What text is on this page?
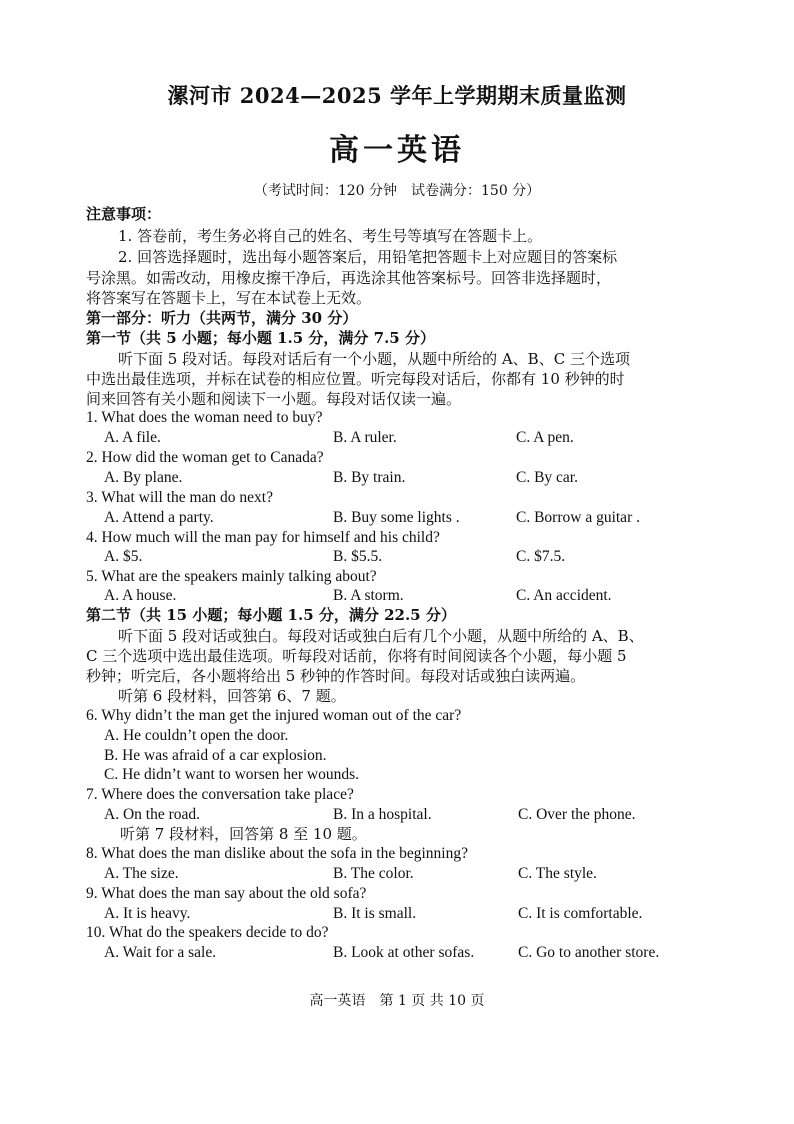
漯河市 2024—2025 学年上学期期末质量监测
高一英语
（考试时间：120 分钟　试卷满分：150 分）
注意事项：
1. 答卷前，考生务必将自己的姓名、考生号等填写在答题卡上。
2. 回答选择题时，选出每小题答案后，用铅笔把答题卡上对应题目的答案标
号涂黑。如需改动，用橡皮擦干净后，再选涂其他答案标号。回答非选择题时，
将答案写在答题卡上，写在本试卷上无效。
第一部分：听力（共两节，满分 30 分）
第一节（共 5 小题；每小题 1.5 分，满分 7.5 分）
听下面 5 段对话。每段对话后有一个小题，从题中所给的 A、B、C 三个选项
中选出最佳选项，并标在试卷的相应位置。听完每段对话后，你都有 10 秒钟的时
间来回答有关小题和阅读下一小题。每段对话仅读一遍。
1. What does the woman need to buy?
A. A file.	B. A ruler.	C. A pen.
2. How did the woman get to Canada?
A. By plane.	B. By train.	C. By car.
3. What will the man do next?
A. Attend a party.	B. Buy some lights .	C. Borrow a guitar .
4. How much will the man pay for himself and his child?
A. $5.	B. $5.5.	C. $7.5.
5. What are the speakers mainly talking about?
A. A house.	B. A storm.	C. An accident.
第二节（共 15 小题；每小题 1.5 分，满分 22.5 分）
听下面 5 段对话或独白。每段对话或独白后有几个小题，从题中所给的 A、B、
C 三个选项中选出最佳选项。听每段对话前，你将有时间阅读各个小题，每小题 5
秒钟；听完后，各小题将给出 5 秒钟的作答时间。每段对话或独白读两遍。
听第 6 段材料，回答第 6、7 题。
6. Why didn’t the man get the injured woman out of the car?
A. He couldn’t open the door.
B. He was afraid of a car explosion.
C. He didn’t want to worsen her wounds.
7. Where does the conversation take place?
A. On the road.	B. In a hospital.	C. Over the phone.
听第 7 段材料，回答第 8 至 10 题。
8. What does the man dislike about the sofa in the beginning?
A. The size.	B. The color.	C. The style.
9. What does the man say about the old sofa?
A. It is heavy.	B. It is small.	C. It is comfortable.
10. What do the speakers decide to do?
A. Wait for a sale.	B. Look at other sofas.	C. Go to another store.
高一英语　第 1 页 共 10 页
